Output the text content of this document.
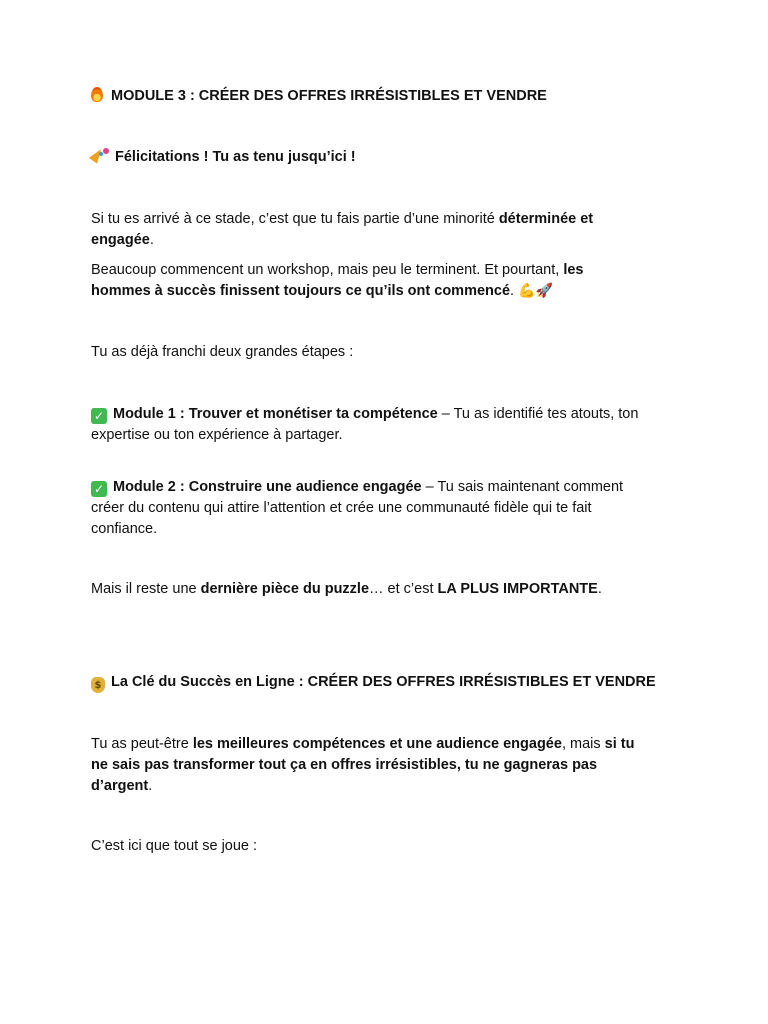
MODULE 3 : CRÉER DES OFFRES IRRÉSISTIBLES ET VENDRE

Félicitations ! Tu as tenu jusqu’ici !

Si tu es arrivé à ce stade, c’est que tu fais partie d’une minorité déterminée et

engagée.

Beaucoup commencent un workshop, mais peu le terminent. Et pourtant, les

hommes à succès finissent toujours ce qu’ils ont commencé. 💪🚀

Tu as déjà franchi deux grandes étapes :

✓ Module 1 : Trouver et monétiser ta compétence – Tu as identifié tes atouts, ton

expertise ou ton expérience à partager.

✓ Module 2 : Construire une audience engagée – Tu sais maintenant comment

créer du contenu qui attire l’attention et crée une communauté fidèle qui te fait

confiance.

Mais il reste une dernière pièce du puzzle… et c’est LA PLUS IMPORTANTE.

$ La Clé du Succès en Ligne : CRÉER DES OFFRES IRRÉSISTIBLES ET VENDRE

Tu as peut-être les meilleures compétences et une audience engagée, mais si tu

ne sais pas transformer tout ça en offres irrésistibles, tu ne gagneras pas

d’argent.

C’est ici que tout se joue :
